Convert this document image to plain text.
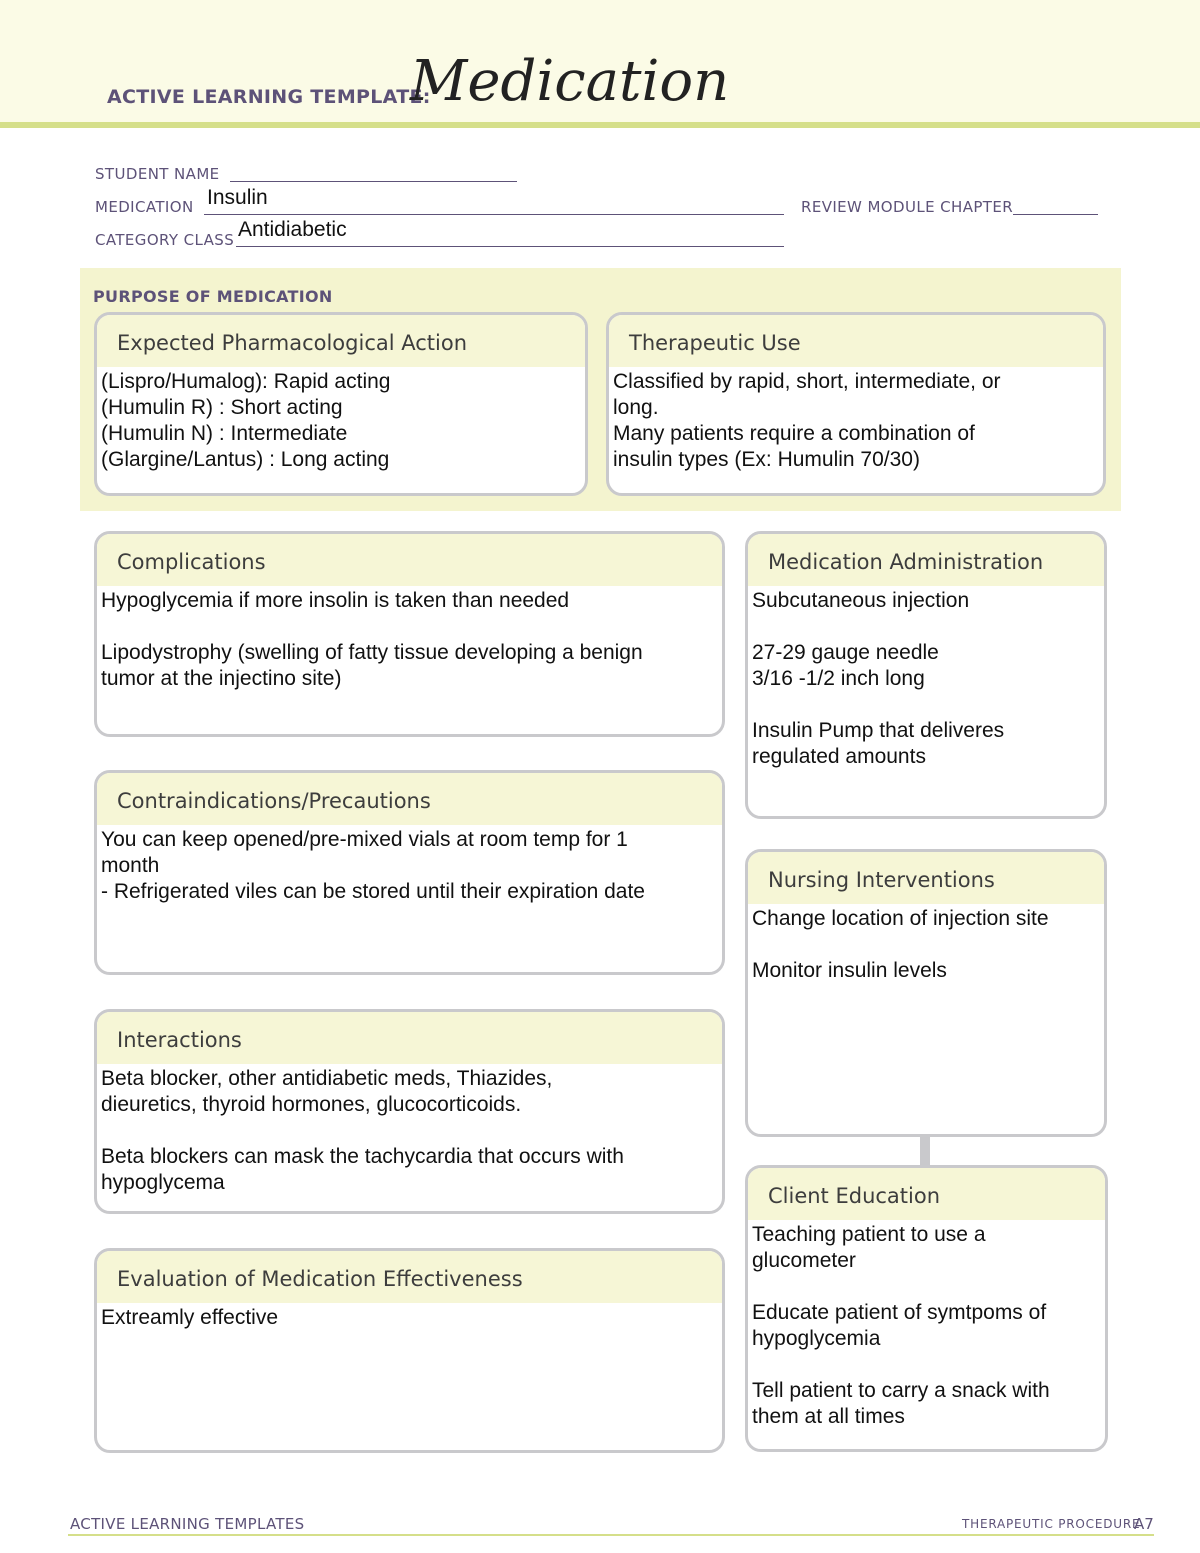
ACTIVE LEARNING TEMPLATE:
Medication
STUDENT NAME
MEDICATION Insulin	REVIEW MODULE CHAPTER
CATEGORY CLASS Antidiabetic
PURPOSE OF MEDICATION
Expected Pharmacological Action
(Lispro/Humalog): Rapid acting
(Humulin R) : Short acting
(Humulin N) : Intermediate
(Glargine/Lantus) : Long acting
Therapeutic Use
Classified by rapid, short, intermediate, or
long.
Many patients require a combination of
insulin types (Ex: Humulin 70/30)
Complications
Hypoglycemia if more insolin is taken than needed

Lipodystrophy (swelling of fatty tissue developing a benign
tumor at the injectino site)
Contraindications/Precautions
You can keep opened/pre-mixed vials at room temp for 1
month
- Refrigerated viles can be stored until their expiration date
Interactions
Beta blocker, other antidiabetic meds, Thiazides,
dieuretics, thyroid hormones, glucocorticoids.

Beta blockers can mask the tachycardia that occurs with
hypoglycema
Evaluation of Medication Effectiveness
Extreamly effective
Medication Administration
Subcutaneous injection

27-29 gauge needle
3/16 -1/2 inch long

Insulin Pump that deliveres
regulated amounts
Nursing Interventions
Change location of injection site

Monitor insulin levels
Client Education
Teaching patient to use a
glucometer

Educate patient of symtpoms of
hypoglycemia

Tell patient to carry a snack with
them at all times
ACTIVE LEARNING TEMPLATES	THERAPEUTIC PROCEDURE
A7
